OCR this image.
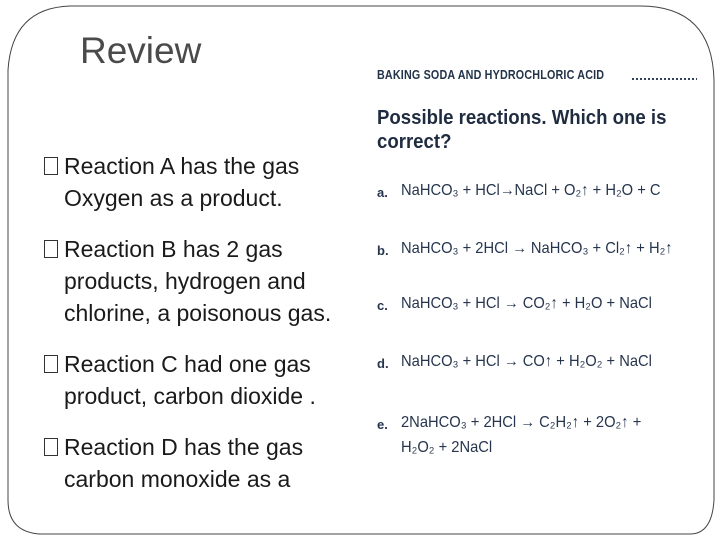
Review
Reaction A has the gas Oxygen as a product.
Reaction B has 2 gas products, hydrogen and chlorine, a poisonous gas.
Reaction C had one gas product, carbon dioxide .
Reaction D has the gas carbon monoxide as a
BAKING SODA AND HYDROCHLORIC ACID
Possible reactions. Which one is correct?
a. NaHCO₃ + HCl→NaCl + O₂↑ + H₂O + C
b. NaHCO₃ + 2HCl → NaHCO₃ + Cl₂↑ + H₂↑
c. NaHCO₃ + HCl → CO₂↑ + H₂O + NaCl
d. NaHCO₃ + HCl → CO↑ + H₂O₂ + NaCl
e. 2NaHCO₃ + 2HCl → C₂H₂↑ + 2O₂↑ +
H₂O₂ + 2NaCl
